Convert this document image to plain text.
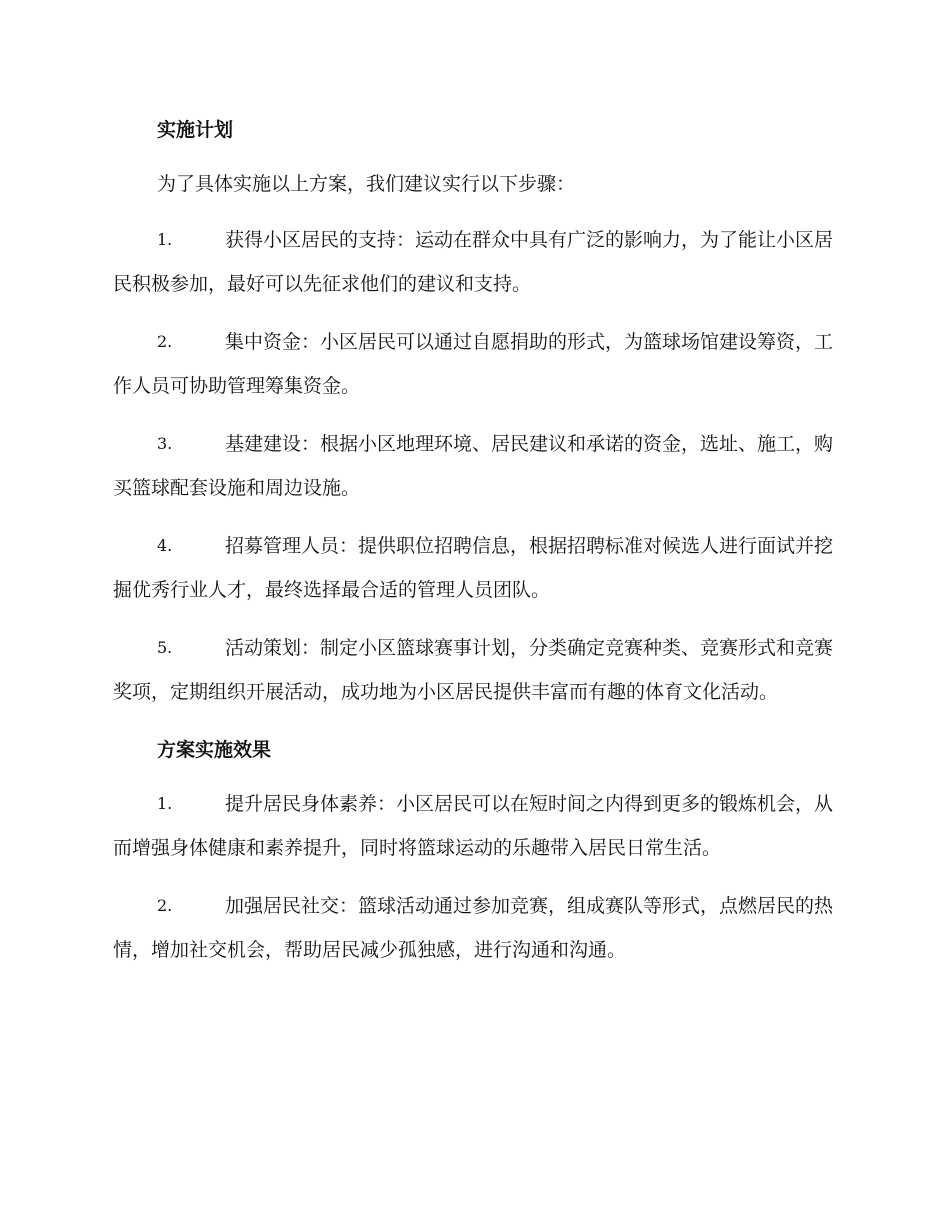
实施计划
为了具体实施以上方案，我们建议实行以下步骤：
1.	获得小区居民的支持：运动在群众中具有广泛的影响力，为了能让小区居民积极参加，最好可以先征求他们的建议和支持。
2.	集中资金：小区居民可以通过自愿捐助的形式，为篮球场馆建设筹资，工作人员可协助管理筹集资金。
3.	基建建设：根据小区地理环境、居民建议和承诺的资金，选址、施工，购买篮球配套设施和周边设施。
4.	招募管理人员：提供职位招聘信息，根据招聘标准对候选人进行面试并挖掘优秀行业人才，最终选择最合适的管理人员团队。
5.	活动策划：制定小区篮球赛事计划，分类确定竞赛种类、竞赛形式和竞赛奖项，定期组织开展活动，成功地为小区居民提供丰富而有趣的体育文化活动。
方案实施效果
1.	提升居民身体素养：小区居民可以在短时间之内得到更多的锻炼机会，从而增强身体健康和素养提升，同时将篮球运动的乐趣带入居民日常生活。
2.	加强居民社交：篮球活动通过参加竞赛，组成赛队等形式，点燃居民的热情，增加社交机会，帮助居民减少孤独感，进行沟通和沟通。
